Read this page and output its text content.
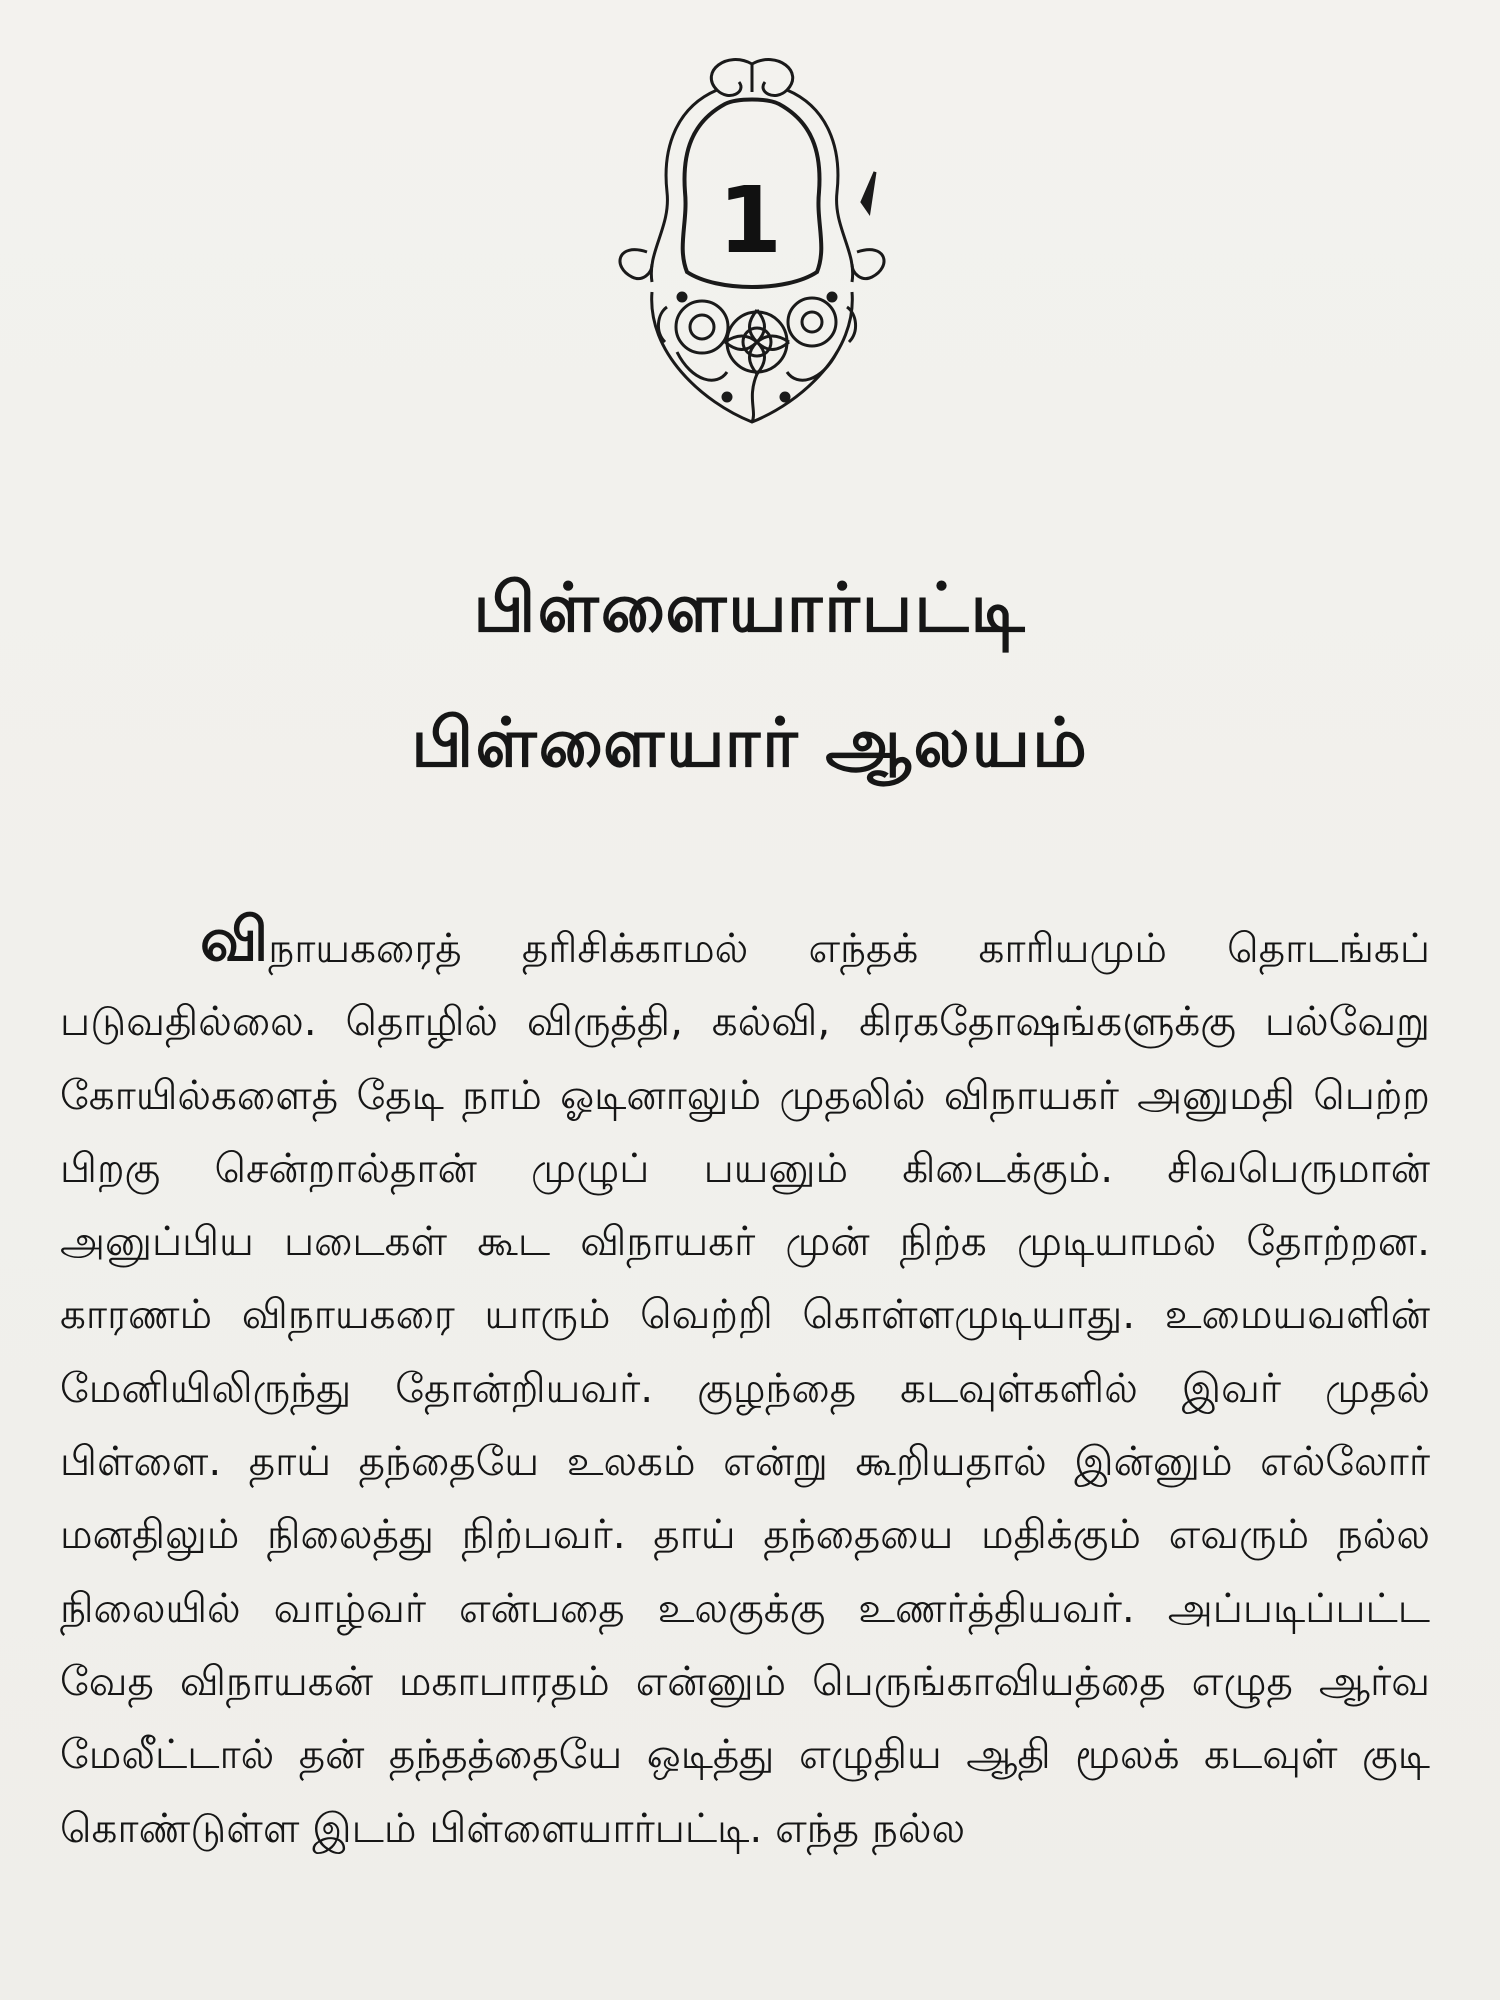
1
பிள்ளையார்பட்டி
பிள்ளையார் ஆலயம்
விநாயகரைத் தரிசிக்காமல் எந்தக் காரியமும் தொடங்கப் படுவதில்லை. தொழில் விருத்தி, கல்வி, கிரகதோஷங்களுக்கு பல்வேறு கோயில்களைத் தேடி நாம் ஓடினாலும் முதலில் விநாயகர் அனுமதி பெற்ற பிறகு சென்றால்தான் முழுப் பயனும் கிடைக்கும். சிவபெருமான் அனுப்பிய படைகள் கூட விநாயகர் முன் நிற்க முடியாமல் தோற்றன. காரணம் விநாயகரை யாரும் வெற்றி கொள்ளமுடியாது. உமையவளின் மேனியிலிருந்து தோன்றியவர். குழந்தை கடவுள்களில் இவர் முதல் பிள்ளை. தாய் தந்தையே உலகம் என்று கூறியதால் இன்னும் எல்லோர் மனதிலும் நிலைத்து நிற்பவர். தாய் தந்தையை மதிக்கும் எவரும் நல்ல நிலையில் வாழ்வர் என்பதை உலகுக்கு உணர்த்தியவர். அப்படிப்பட்ட வேத விநாயகன் மகாபாரதம் என்னும் பெருங்காவியத்தை எழுத ஆர்வ மேலீட்டால் தன் தந்தத்தையே ஒடித்து எழுதிய ஆதி மூலக் கடவுள் குடி கொண்டுள்ள இடம் பிள்ளையார்பட்டி. எந்த நல்ல
